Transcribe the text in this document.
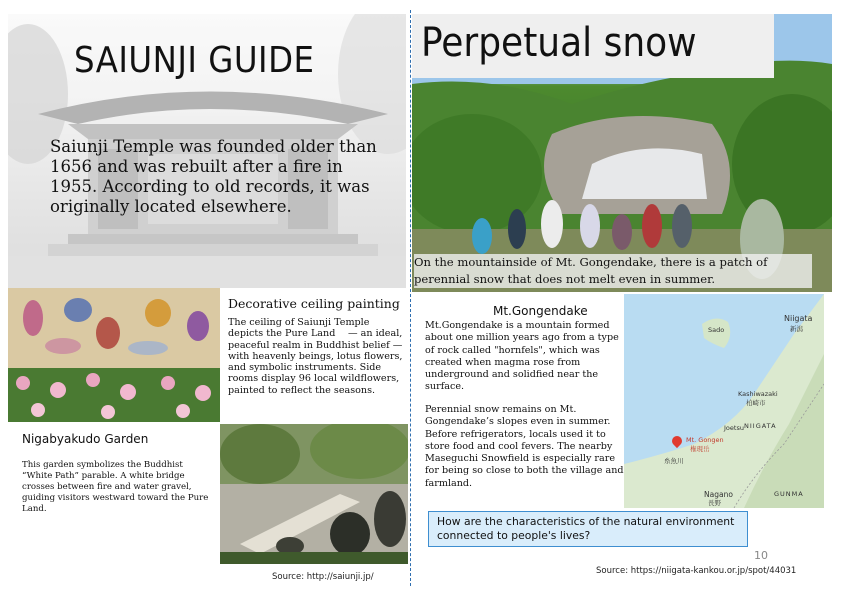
SAIUNJI GUIDE
Saiunji Temple was founded older than 1656 and was rebuilt after a fire in 1955. According to old records, it was originally located elsewhere.
Decorative ceiling painting
The ceiling of Saiunji Temple depicts the Pure Land 　— an ideal, peaceful realm in Buddhist belief — with heavenly beings, lotus flowers, and symbolic instruments. Side rooms display 96 local wildflowers, painted to reflect the seasons.
Nigabyakudo Garden
This garden symbolizes the Buddhist “White Path” parable. A white bridge crosses between fire and water gravel, guiding visitors westward toward the Pure Land.
Source: http://saiunji.jp/
Perpetual snow
On the mountainside of Mt. Gongendake, there is a patch of perennial snow that does not melt even in summer.
Mt.Gongendake
Mt.Gongendake is a mountain formed about one million years ago from a type of rock called "hornfels", which was created when magma rose from underground and solidfied near the surface.
Perennial snow remains on Mt. Gongendake’s slopes even in summer. Before refrigerators, locals used it to store food and cool fevers. The nearby Maseguchi Snowfield is especially rare for being so close to both the village and farmland.
Sado
Niigata
新潟
Kashiwazaki
柏崎市
NIIGATA
Joetsu
Mt. Gongen
権現岳
糸魚川
Nagano
長野
GUNMA
How are the characteristics of the natural environment connected to people's lives?
10
Source: https://niigata-kankou.or.jp/spot/44031
